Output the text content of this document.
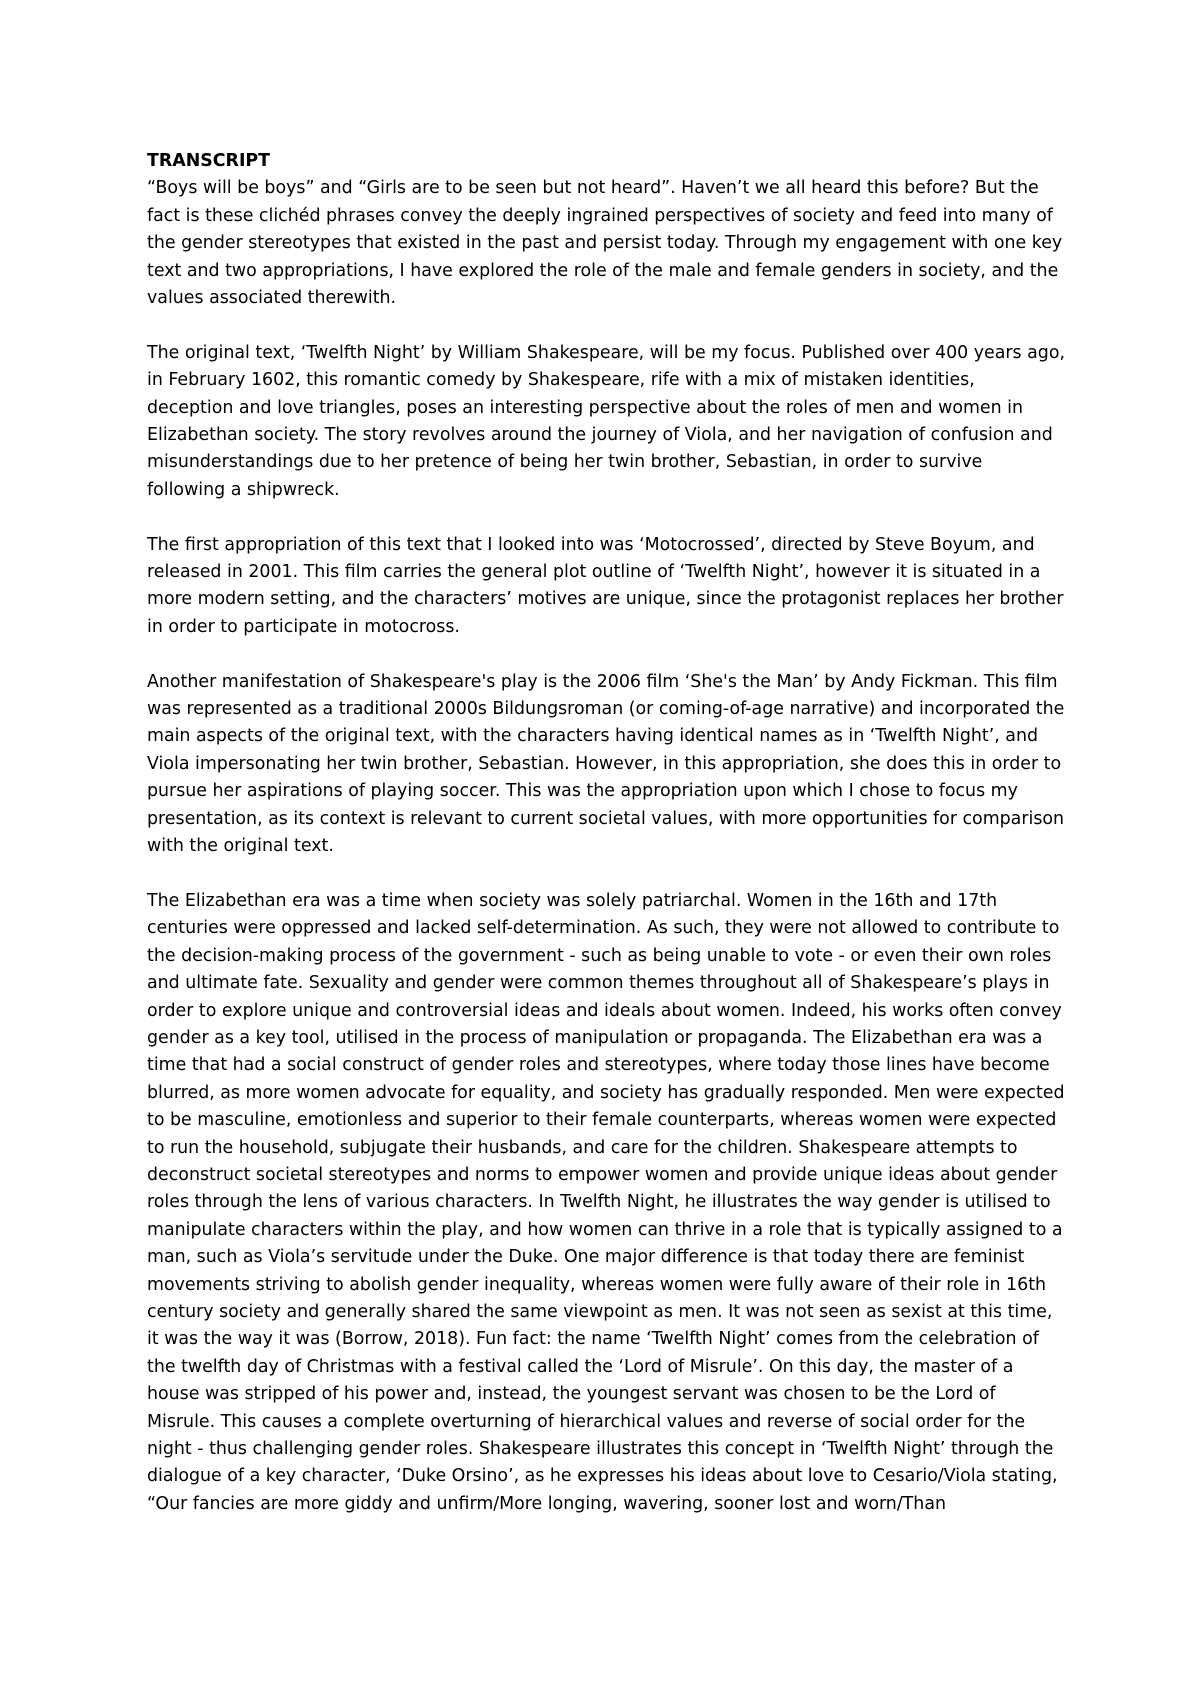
TRANSCRIPT

“Boys will be boys” and “Girls are to be seen but not heard”. Haven’t we all heard this before? But the fact is these clichéd phrases convey the deeply ingrained perspectives of society and feed into many of the gender stereotypes that existed in the past and persist today. Through my engagement with one key text and two appropriations, I have explored the role of the male and female genders in society, and the values associated therewith.

The original text, ‘Twelfth Night’ by William Shakespeare, will be my focus. Published over 400 years ago, in February 1602, this romantic comedy by Shakespeare, rife with a mix of mistaken identities, deception and love triangles, poses an interesting perspective about the roles of men and women in Elizabethan society. The story revolves around the journey of Viola, and her navigation of confusion and misunderstandings due to her pretence of being her twin brother, Sebastian, in order to survive following a shipwreck.

The first appropriation of this text that I looked into was ‘Motocrossed’, directed by Steve Boyum, and released in 2001. This film carries the general plot outline of ‘Twelfth Night’, however it is situated in a more modern setting, and the characters’ motives are unique, since the protagonist replaces her brother in order to participate in motocross.

Another manifestation of Shakespeare's play is the 2006 film ‘She's the Man’ by Andy Fickman. This film was represented as a traditional 2000s Bildungsroman (or coming-of-age narrative) and incorporated the main aspects of the original text, with the characters having identical names as in ‘Twelfth Night’, and Viola impersonating her twin brother, Sebastian. However, in this appropriation, she does this in order to pursue her aspirations of playing soccer. This was the appropriation upon which I chose to focus my presentation, as its context is relevant to current societal values, with more opportunities for comparison with the original text.

The Elizabethan era was a time when society was solely patriarchal. Women in the 16th and 17th centuries were oppressed and lacked self-determination. As such, they were not allowed to contribute to the decision-making process of the government - such as being unable to vote - or even their own roles and ultimate fate. Sexuality and gender were common themes throughout all of Shakespeare’s plays in order to explore unique and controversial ideas and ideals about women. Indeed, his works often convey gender as a key tool, utilised in the process of manipulation or propaganda. The Elizabethan era was a time that had a social construct of gender roles and stereotypes, where today those lines have become blurred, as more women advocate for equality, and society has gradually responded. Men were expected to be masculine, emotionless and superior to their female counterparts, whereas women were expected to run the household, subjugate their husbands, and care for the children. Shakespeare attempts to deconstruct societal stereotypes and norms to empower women and provide unique ideas about gender roles through the lens of various characters. In Twelfth Night, he illustrates the way gender is utilised to manipulate characters within the play, and how women can thrive in a role that is typically assigned to a man, such as Viola’s servitude under the Duke. One major difference is that today there are feminist movements striving to abolish gender inequality, whereas women were fully aware of their role in 16th century society and generally shared the same viewpoint as men. It was not seen as sexist at this time, it was the way it was (Borrow, 2018). Fun fact: the name ‘Twelfth Night’ comes from the celebration of the twelfth day of Christmas with a festival called the ‘Lord of Misrule’. On this day, the master of a house was stripped of his power and, instead, the youngest servant was chosen to be the Lord of Misrule. This causes a complete overturning of hierarchical values and reverse of social order for the night - thus challenging gender roles. Shakespeare illustrates this concept in ‘Twelfth Night’ through the dialogue of a key character, ‘Duke Orsino’, as he expresses his ideas about love to Cesario/Viola stating, “Our fancies are more giddy and unfirm/More longing, wavering, sooner lost and worn/Than
